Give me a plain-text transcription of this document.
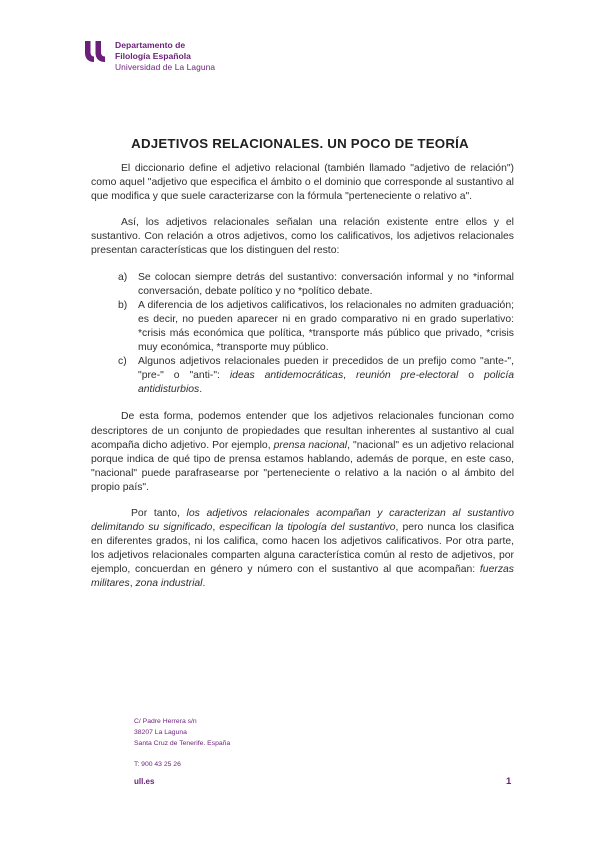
Departamento de
Filología Española
Universidad de La Laguna
ADJETIVOS RELACIONALES. UN POCO DE TEORÍA

El diccionario define el adjetivo relacional (también llamado "adjetivo de relación") como aquel "adjetivo que especifica el ámbito o el dominio que corresponde al sustantivo al que modifica y que suele caracterizarse con la fórmula "perteneciente o relativo a".

Así, los adjetivos relacionales señalan una relación existente entre ellos y el sustantivo. Con relación a otros adjetivos, como los calificativos, los adjetivos relacionales presentan características que los distinguen del resto:

a) Se colocan siempre detrás del sustantivo: conversación informal y no *informal conversación, debate político y no *político debate.
b) A diferencia de los adjetivos calificativos, los relacionales no admiten graduación; es decir, no pueden aparecer ni en grado comparativo ni en grado superlativo: *crisis más económica que política, *transporte más público que privado, *crisis muy económica, *transporte muy público.
c) Algunos adjetivos relacionales pueden ir precedidos de un prefijo como "ante-", "pre-" o "anti-": ideas antidemocráticas, reunión pre-electoral o policía antidisturbios.

De esta forma, podemos entender que los adjetivos relacionales funcionan como descriptores de un conjunto de propiedades que resultan inherentes al sustantivo al cual acompaña dicho adjetivo. Por ejemplo, prensa nacional, "nacional" es un adjetivo relacional porque indica de qué tipo de prensa estamos hablando, además de porque, en este caso, "nacional" puede parafrasearse por "perteneciente o relativo a la nación o al ámbito del propio país".

Por tanto, los adjetivos relacionales acompañan y caracterizan al sustantivo delimitando su significado, especifican la tipología del sustantivo, pero nunca los clasifica en diferentes grados, ni los califica, como hacen los adjetivos calificativos. Por otra parte, los adjetivos relacionales comparten alguna característica común al resto de adjetivos, por ejemplo, concuerdan en género y número con el sustantivo al que acompañan: fuerzas militares, zona industrial.

C/ Padre Herrera s/n
38207 La Laguna
Santa Cruz de Tenerife. España
T: 900 43 25 26
ull.es	1
